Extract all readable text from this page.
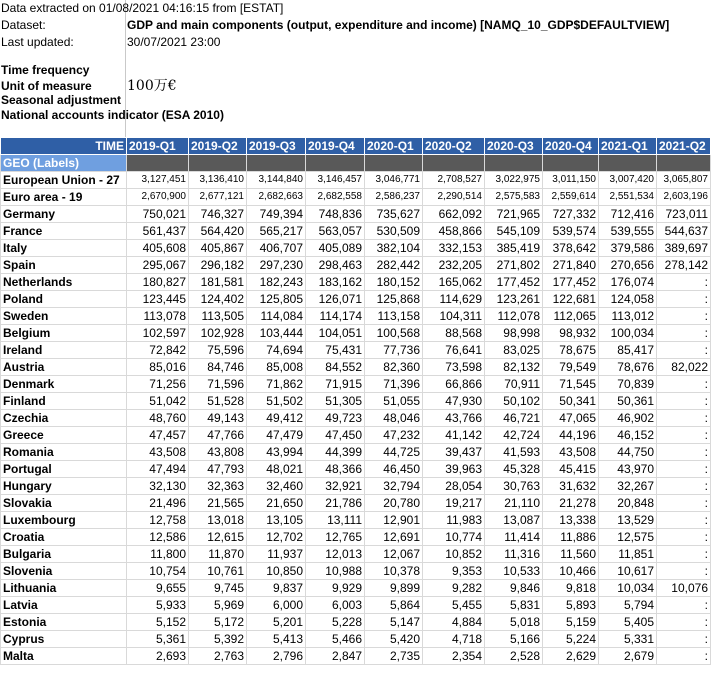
Data extracted on 01/08/2021 04:16:15 from [ESTAT]
Dataset:	GDP and main components (output, expenditure and income) [NAMQ_10_GDP$DEFAULTVIEW]
Last updated:	30/07/2021 23:00
Time frequency
Unit of measure	100万€
Seasonal adjustment
National accounts indicator (ESA 2010)
TIME	2019-Q1	2019-Q2	2019-Q3	2019-Q4	2020-Q1	2020-Q2	2020-Q3	2020-Q4	2021-Q1	2021-Q2
GEO (Labels)										
European Union - 27	3,127,451	3,136,410	3,144,840	3,146,457	3,046,771	2,708,527	3,022,975	3,011,150	3,007,420	3,065,807
Euro area - 19	2,670,900	2,677,121	2,682,663	2,682,558	2,586,237	2,290,514	2,575,583	2,559,614	2,551,534	2,603,196
Germany	750,021	746,327	749,394	748,836	735,627	662,092	721,965	727,332	712,416	723,011
France	561,437	564,420	565,217	563,057	530,509	458,866	545,109	539,574	539,555	544,637
Italy	405,608	405,867	406,707	405,089	382,104	332,153	385,419	378,642	379,586	389,697
Spain	295,067	296,182	297,230	298,463	282,442	232,205	271,802	271,840	270,656	278,142
Netherlands	180,827	181,581	182,243	183,162	180,152	165,062	177,452	177,452	176,074	:
Poland	123,445	124,402	125,805	126,071	125,868	114,629	123,261	122,681	124,058	:
Sweden	113,078	113,505	114,084	114,174	113,158	104,311	112,078	112,065	113,012	:
Belgium	102,597	102,928	103,444	104,051	100,568	88,568	98,998	98,932	100,034	:
Ireland	72,842	75,596	74,694	75,431	77,736	76,641	83,025	78,675	85,417	:
Austria	85,016	84,746	85,008	84,552	82,360	73,598	82,132	79,549	78,676	82,022
Denmark	71,256	71,596	71,862	71,915	71,396	66,866	70,911	71,545	70,839	:
Finland	51,042	51,528	51,502	51,305	51,055	47,930	50,102	50,341	50,361	:
Czechia	48,760	49,143	49,412	49,723	48,046	43,766	46,721	47,065	46,902	:
Greece	47,457	47,766	47,479	47,450	47,232	41,142	42,724	44,196	46,152	:
Romania	43,508	43,808	43,994	44,399	44,725	39,437	41,593	43,508	44,750	:
Portugal	47,494	47,793	48,021	48,366	46,450	39,963	45,328	45,415	43,970	:
Hungary	32,130	32,363	32,460	32,921	32,794	28,054	30,763	31,632	32,267	:
Slovakia	21,496	21,565	21,650	21,786	20,780	19,217	21,110	21,278	20,848	:
Luxembourg	12,758	13,018	13,105	13,111	12,901	11,983	13,087	13,338	13,529	:
Croatia	12,586	12,615	12,702	12,765	12,691	10,774	11,414	11,886	12,575	:
Bulgaria	11,800	11,870	11,937	12,013	12,067	10,852	11,316	11,560	11,851	:
Slovenia	10,754	10,761	10,850	10,988	10,378	9,353	10,533	10,466	10,617	:
Lithuania	9,655	9,745	9,837	9,929	9,899	9,282	9,846	9,818	10,034	10,076
Latvia	5,933	5,969	6,000	6,003	5,864	5,455	5,831	5,893	5,794	:
Estonia	5,152	5,172	5,201	5,228	5,147	4,884	5,018	5,159	5,405	:
Cyprus	5,361	5,392	5,413	5,466	5,420	4,718	5,166	5,224	5,331	:
Malta	2,693	2,763	2,796	2,847	2,735	2,354	2,528	2,629	2,679	:
